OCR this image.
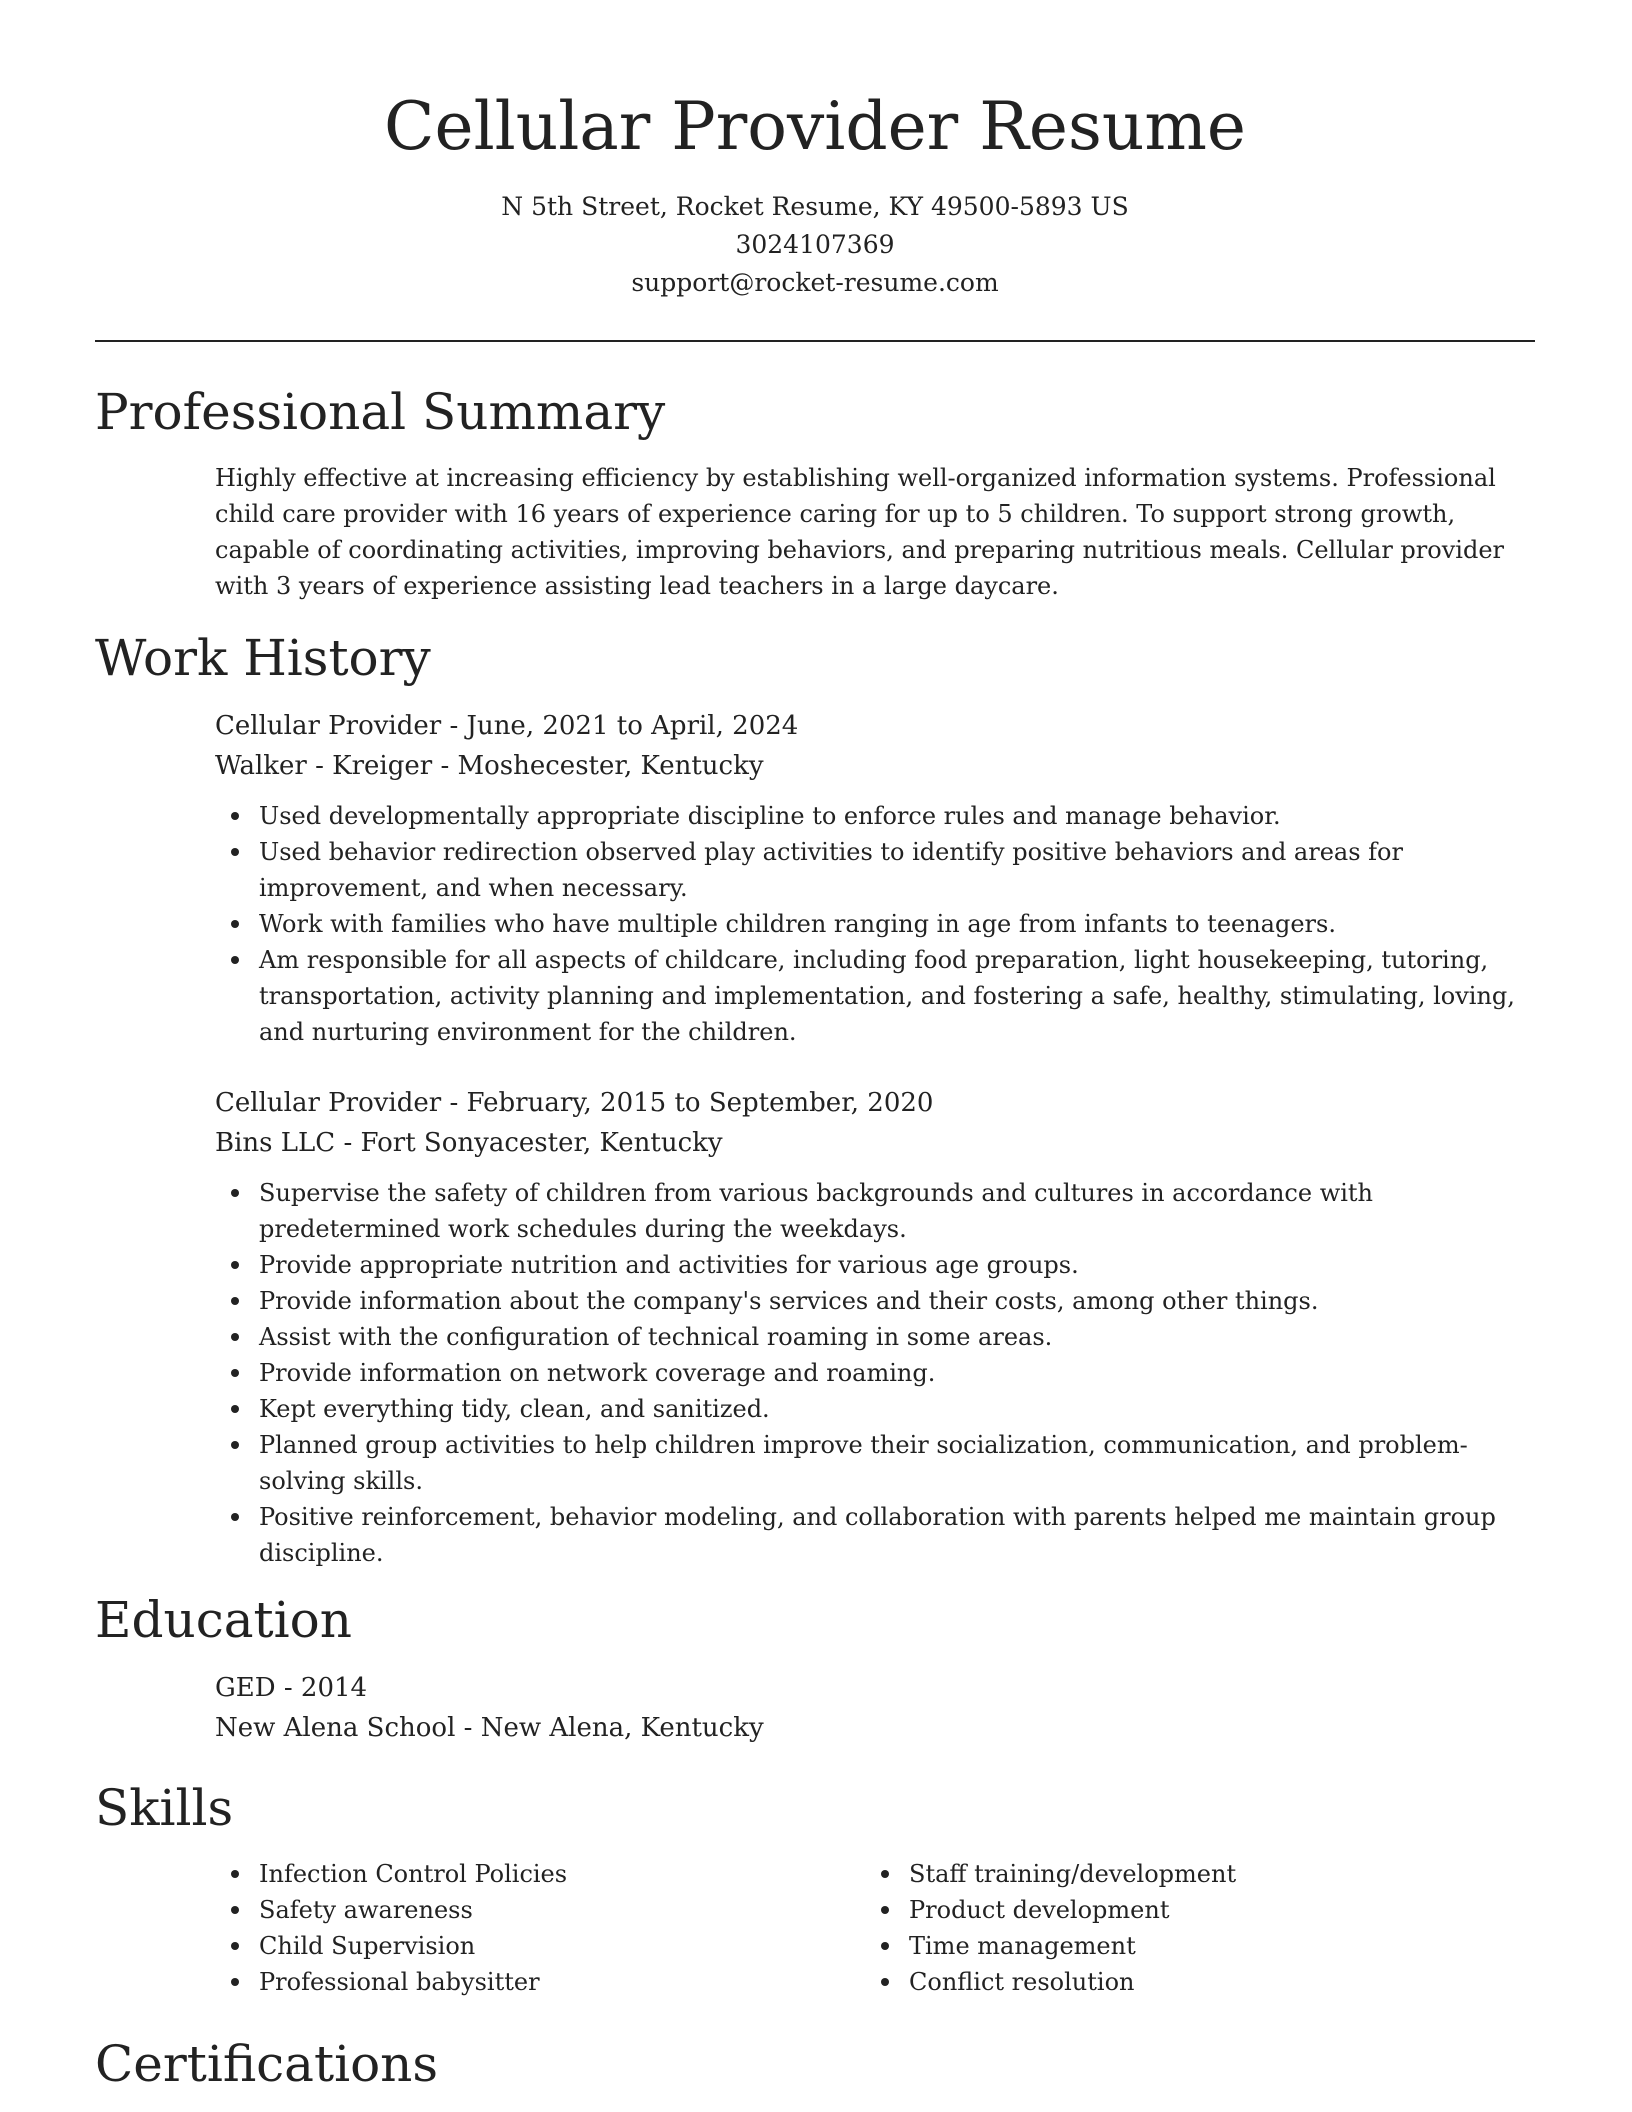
Cellular Provider Resume
N 5th Street, Rocket Resume, KY 49500-5893 US
3024107369
support@rocket-resume.com
Professional Summary

Highly effective at increasing efficiency by establishing well-organized information systems. Professional child care provider with 16 years of experience caring for up to 5 children. To support strong growth, capable of coordinating activities, improving behaviors, and preparing nutritious meals. Cellular provider with 3 years of experience assisting lead teachers in a large daycare.

Work History
Cellular Provider - June, 2021 to April, 2024
Walker - Kreiger - Moshecester, Kentucky
Used developmentally appropriate discipline to enforce rules and manage behavior.
Used behavior redirection observed play activities to identify positive behaviors and areas for improvement, and when necessary.
Work with families who have multiple children ranging in age from infants to teenagers.
Am responsible for all aspects of childcare, including food preparation, light housekeeping, tutoring, transportation, activity planning and implementation, and fostering a safe, healthy, stimulating, loving, and nurturing environment for the children.
Cellular Provider - February, 2015 to September, 2020
Bins LLC - Fort Sonyacester, Kentucky
Supervise the safety of children from various backgrounds and cultures in accordance with predetermined work schedules during the weekdays.
Provide appropriate nutrition and activities for various age groups.
Provide information about the company's services and their costs, among other things.
Assist with the configuration of technical roaming in some areas.
Provide information on network coverage and roaming.
Kept everything tidy, clean, and sanitized.
Planned group activities to help children improve their socialization, communication, and problem-solving skills.
Positive reinforcement, behavior modeling, and collaboration with parents helped me maintain group discipline.
Education
GED - 2014
New Alena School - New Alena, Kentucky
Skills
Infection Control Policies
Safety awareness
Child Supervision
Professional babysitter
Staff training/development
Product development
Time management
Conflict resolution
Certifications
